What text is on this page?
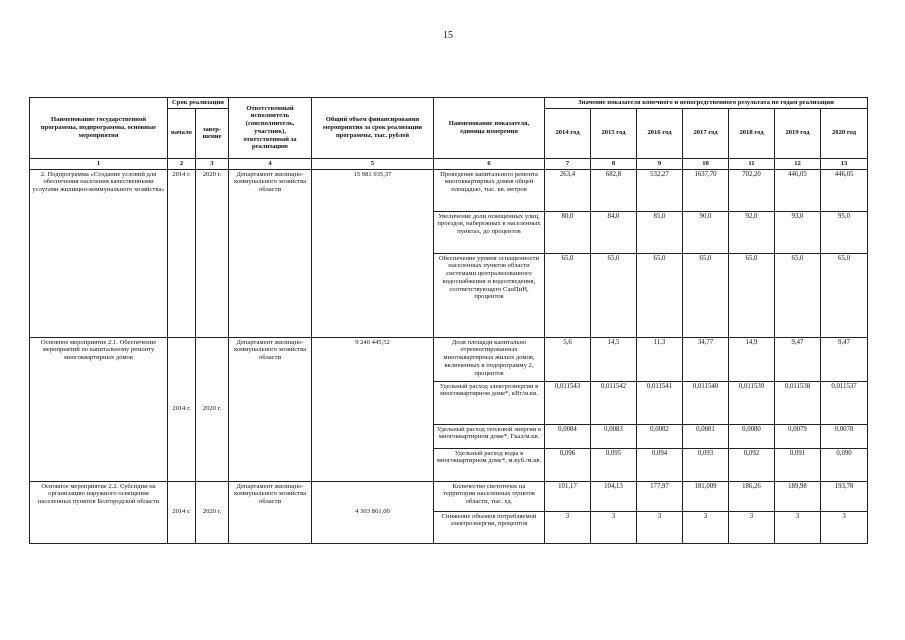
15
Наименование государственной программы, подпрограммы, основные мероприятия	Срок реализации		Ответственный исполнитель (соисполнитель, участник), ответственный за реализацию	Общий объем финансирования мероприятия за срок реализации программы, тыс. рублей	Наименование показателя, единица измерения	Значение показателя конечного и непосредственного результата по годам реализации						
	начало	завер-шение				2014 год	2015 год	2016 год	2017 год	2018 год	2019 год	2020 год
1	2	3	4	5	6	7	8	9	10	11	12	13
2. Подпрограмма «Создание условий для обеспечения населения качественными услугами жилищно-коммунального хозяйства»	2014 г.	2020 г.	Департамент жилищно-коммунального хозяйства области	15 981 935,37	Проведение капитального ремонта многоквартирных домов общей площадью, тыс. кв. метров	263,4	682,8	532,27	1637,70	702,20	446,05	446,05
					Увеличение доли освещенных улиц, проездов, набережных в населенных пунктах, до процентов	80,0	84,0	85,0	90,0	92,0	93,0	95,0
					Обеспечение уровня оснащенности населенных пунктов области системами централизованного водоснабжения и водоотведения, соответствующего СанПиН, процентов	65,0	65,0	65,0	65,0	65,0	65,0	65,0
Основное мероприятие 2.1. Обеспечение мероприятий по капитальному ремонту многоквартирных домов	2014 г.	2020 г.	Департамент жилищно-коммунального хозяйства области	9 240 445,52	Доля площади капитально отремонтированных многоквартирных жилых домов, включенных в подпрограмму 2, процентов	5,6	14,5	11,3	34,77	14,9	9,47	9,47
					Удельный расход электроэнергии в многоквартирном доме*, кВт/м.кв.	0,011543	0,011542	0,011541	0,011540	0,011539	0,011538	0,011537
					Удельный расход тепловой энергии в многоквартирном доме*, Гкал/м.кв.	0,0084	0,0083	0,0082	0,0081	0,0080	0,0079	0,0078
					Удельный расход воды в многоквартирном доме*, м.куб./м.кв.	0,096	0,095	0,094	0,093	0,092	0,091	0,090
Основное мероприятие 2.2. Субсидии на организацию наружного освещения населенных пунктов Белгородской области	2014 г.	2020 г.	Департамент жилищно-коммунального хозяйства области	4 303 861,00	Количество светоточек на территории населенных пунктов области, тыс. ед.	101,17	104,13	177,97	181,009	186,26	189,98	193,78
					Снижение объемов потребляемой электроэнергии, процентов	3	3	3	3	3	3	3
